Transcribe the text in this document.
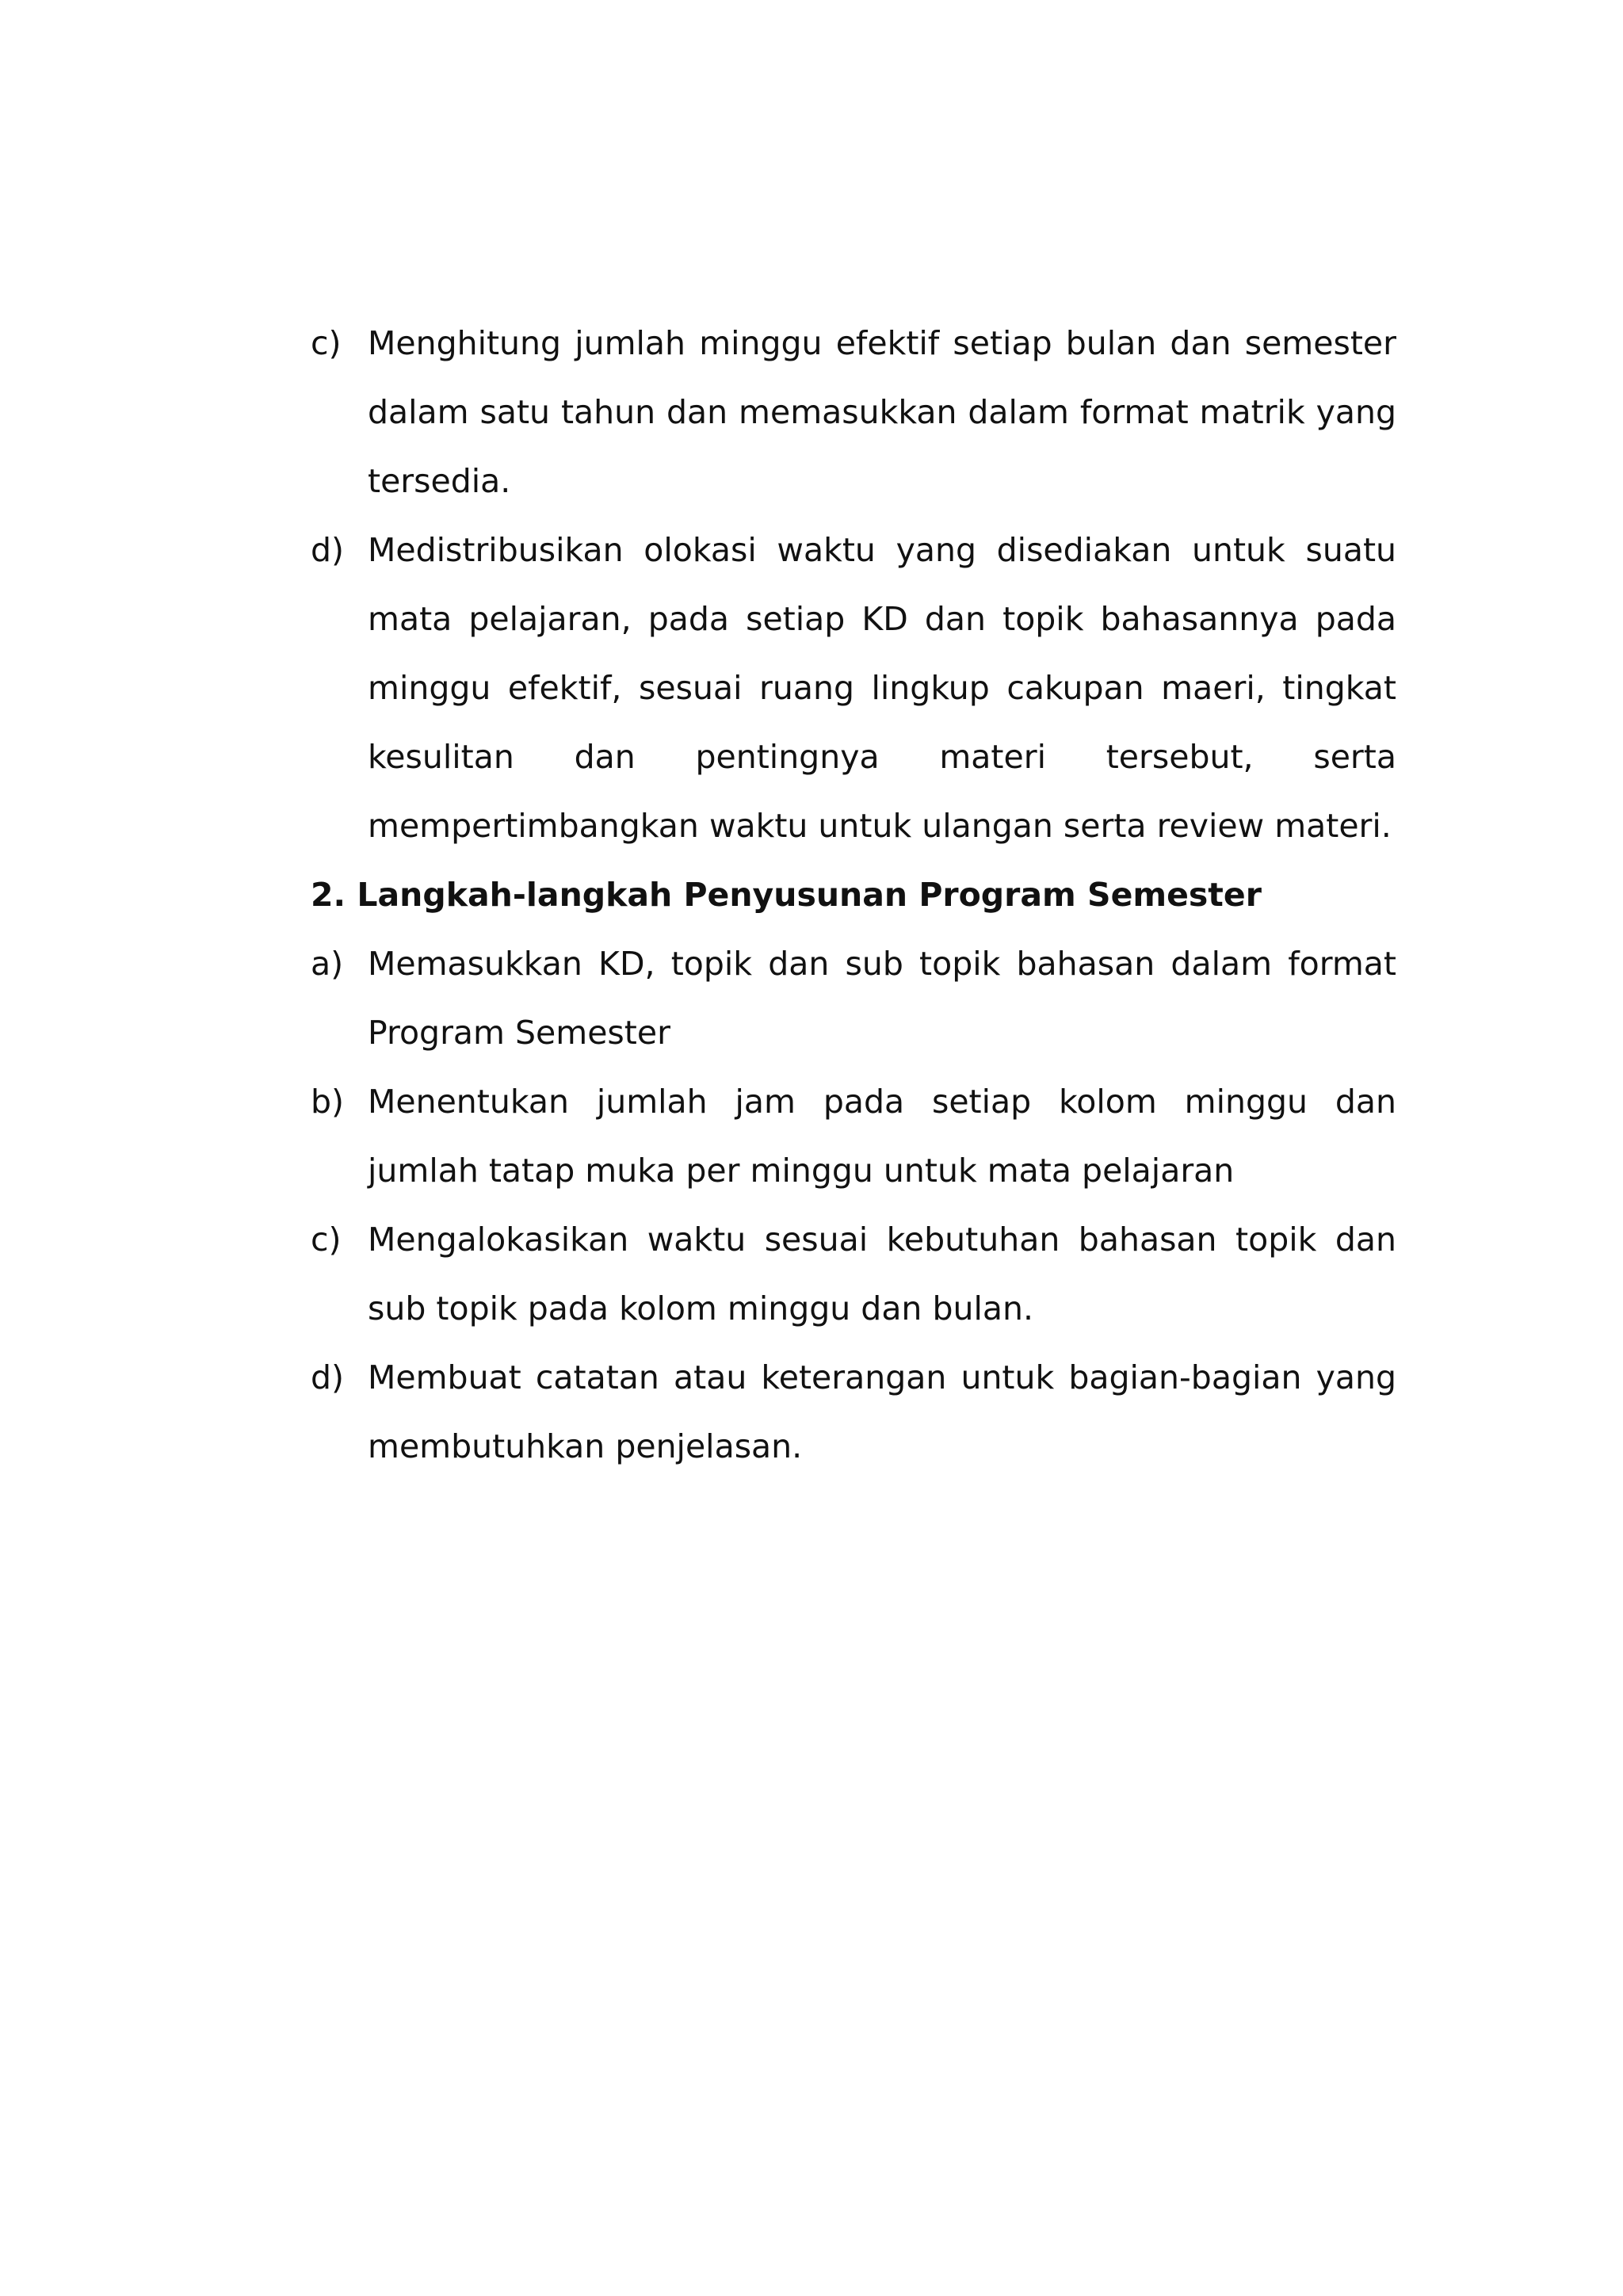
c) Menghitung jumlah minggu efektif setiap bulan dan semester dalam satu tahun dan memasukkan dalam format matrik yang tersedia.
d) Medistribusikan olokasi waktu yang disediakan untuk suatu mata pelajaran, pada setiap KD dan topik bahasannya pada minggu efektif, sesuai ruang lingkup cakupan maeri, tingkat kesulitan dan pentingnya materi tersebut, serta mempertimbangkan waktu untuk ulangan serta review materi.

2. Langkah-langkah Penyusunan Program Semester

a) Memasukkan KD, topik dan sub topik bahasan dalam format Program Semester
b) Menentukan jumlah jam pada setiap kolom minggu dan jumlah tatap muka per minggu untuk mata pelajaran
c) Mengalokasikan waktu sesuai kebutuhan bahasan topik dan sub topik pada kolom minggu dan bulan.
d) Membuat catatan atau keterangan untuk bagian-bagian yang membutuhkan penjelasan.
